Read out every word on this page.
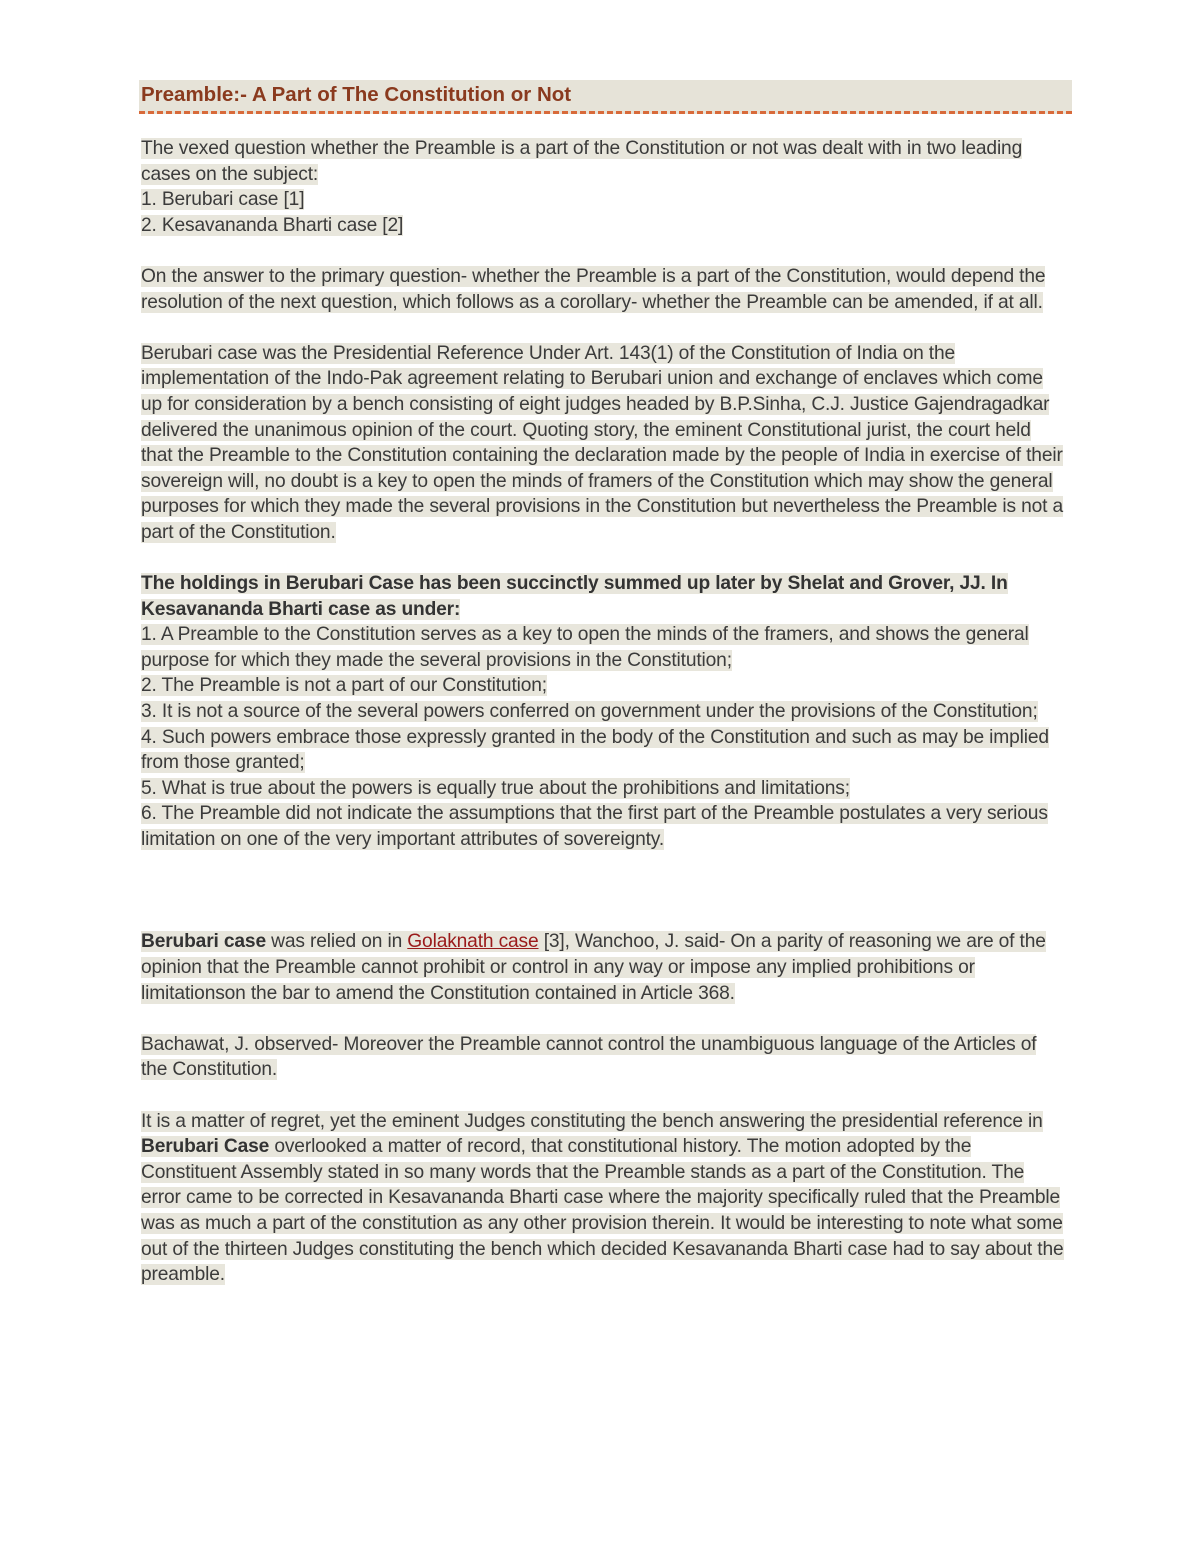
Preamble:- A Part of The Constitution or Not
The vexed question whether the Preamble is a part of the Constitution or not was dealt with in two leading cases on the subject:
1. Berubari case [1]
2. Kesavananda Bharti case [2]
On the answer to the primary question- whether the Preamble is a part of the Constitution, would depend the resolution of the next question, which follows as a corollary- whether the Preamble can be amended, if at all.
Berubari case was the Presidential Reference Under Art. 143(1) of the Constitution of India on the implementation of the Indo-Pak agreement relating to Berubari union and exchange of enclaves which come up for consideration by a bench consisting of eight judges headed by B.P.Sinha, C.J. Justice Gajendragadkar delivered the unanimous opinion of the court. Quoting story, the eminent Constitutional jurist, the court held that the Preamble to the Constitution containing the declaration made by the people of India in exercise of their sovereign will, no doubt is a key to open the minds of framers of the Constitution which may show the general purposes for which they made the several provisions in the Constitution but nevertheless the Preamble is not a part of the Constitution.
The holdings in Berubari Case has been succinctly summed up later by Shelat and Grover, JJ. In Kesavananda Bharti case as under:
1. A Preamble to the Constitution serves as a key to open the minds of the framers, and shows the general purpose for which they made the several provisions in the Constitution;
2. The Preamble is not a part of our Constitution;
3. It is not a source of the several powers conferred on government under the provisions of the Constitution;
4. Such powers embrace those expressly granted in the body of the Constitution and such as may be implied from those granted;
5. What is true about the powers is equally true about the prohibitions and limitations;
6. The Preamble did not indicate the assumptions that the first part of the Preamble postulates a very serious limitation on one of the very important attributes of sovereignty.
Berubari case was relied on in Golaknath case [3], Wanchoo, J. said- On a parity of reasoning we are of the opinion that the Preamble cannot prohibit or control in any way or impose any implied prohibitions or limitationson the bar to amend the Constitution contained in Article 368.
Bachawat, J. observed- Moreover the Preamble cannot control the unambiguous language of the Articles of the Constitution.
It is a matter of regret, yet the eminent Judges constituting the bench answering the presidential reference in Berubari Case overlooked a matter of record, that constitutional history. The motion adopted by the Constituent Assembly stated in so many words that the Preamble stands as a part of the Constitution. The error came to be corrected in Kesavananda Bharti case where the majority specifically ruled that the Preamble was as much a part of the constitution as any other provision therein. It would be interesting to note what some out of the thirteen Judges constituting the bench which decided Kesavananda Bharti case had to say about the preamble.
